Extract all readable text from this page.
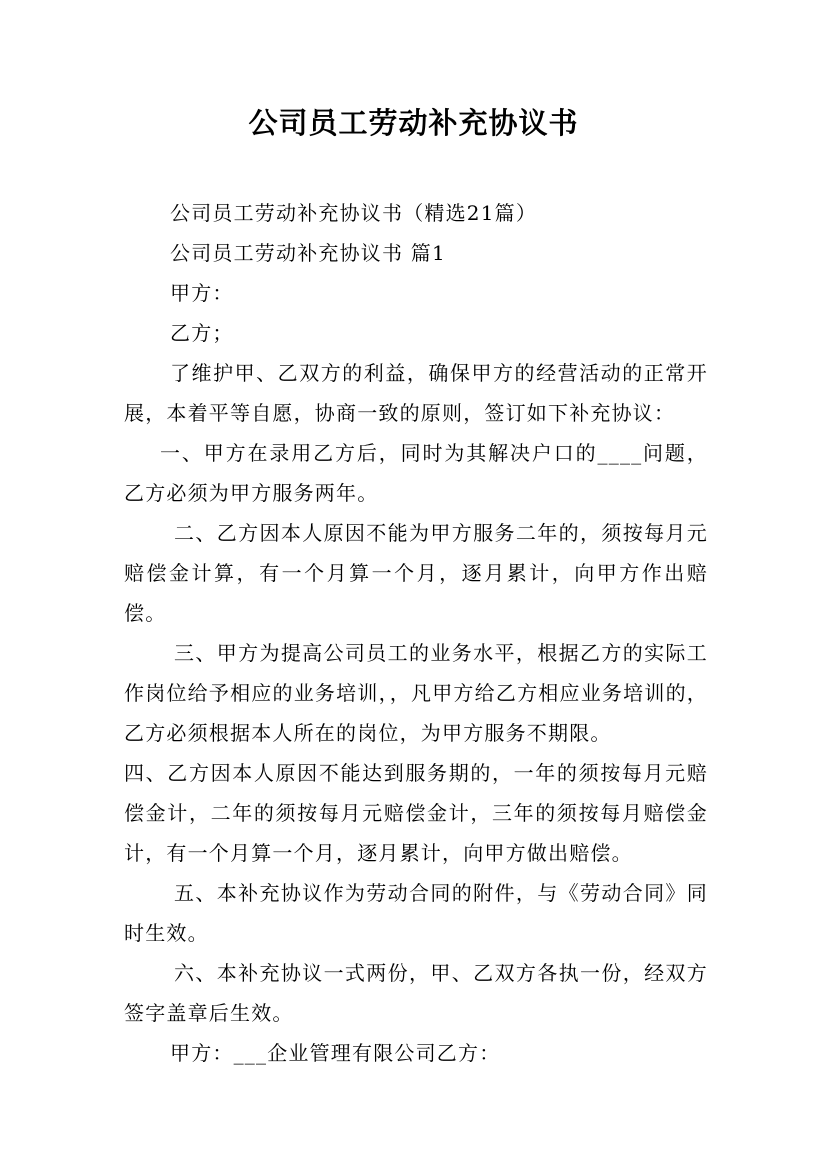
公司员工劳动补充协议书

公司员工劳动补充协议书（精选21篇）

公司员工劳动补充协议书 篇1

甲方：

乙方；

了维护甲、乙双方的利益，确保甲方的经营活动的正常开展，本着平等自愿，协商一致的原则，签订如下补充协议：

一、甲方在录用乙方后，同时为其解决户口的____问题，乙方必须为甲方服务两年。

二、乙方因本人原因不能为甲方服务二年的，须按每月元赔偿金计算，有一个月算一个月，逐月累计，向甲方作出赔偿。

三、甲方为提高公司员工的业务水平，根据乙方的实际工作岗位给予相应的业务培训，，凡甲方给乙方相应业务培训的，乙方必须根据本人所在的岗位，为甲方服务不期限。

四、乙方因本人原因不能达到服务期的，一年的须按每月元赔偿金计，二年的须按每月元赔偿金计，三年的须按每月赔偿金计，有一个月算一个月，逐月累计，向甲方做出赔偿。

五、本补充协议作为劳动合同的附件，与《劳动合同》同时生效。

六、本补充协议一式两份，甲、乙双方各执一份，经双方签字盖章后生效。

甲方：___企业管理有限公司乙方：
